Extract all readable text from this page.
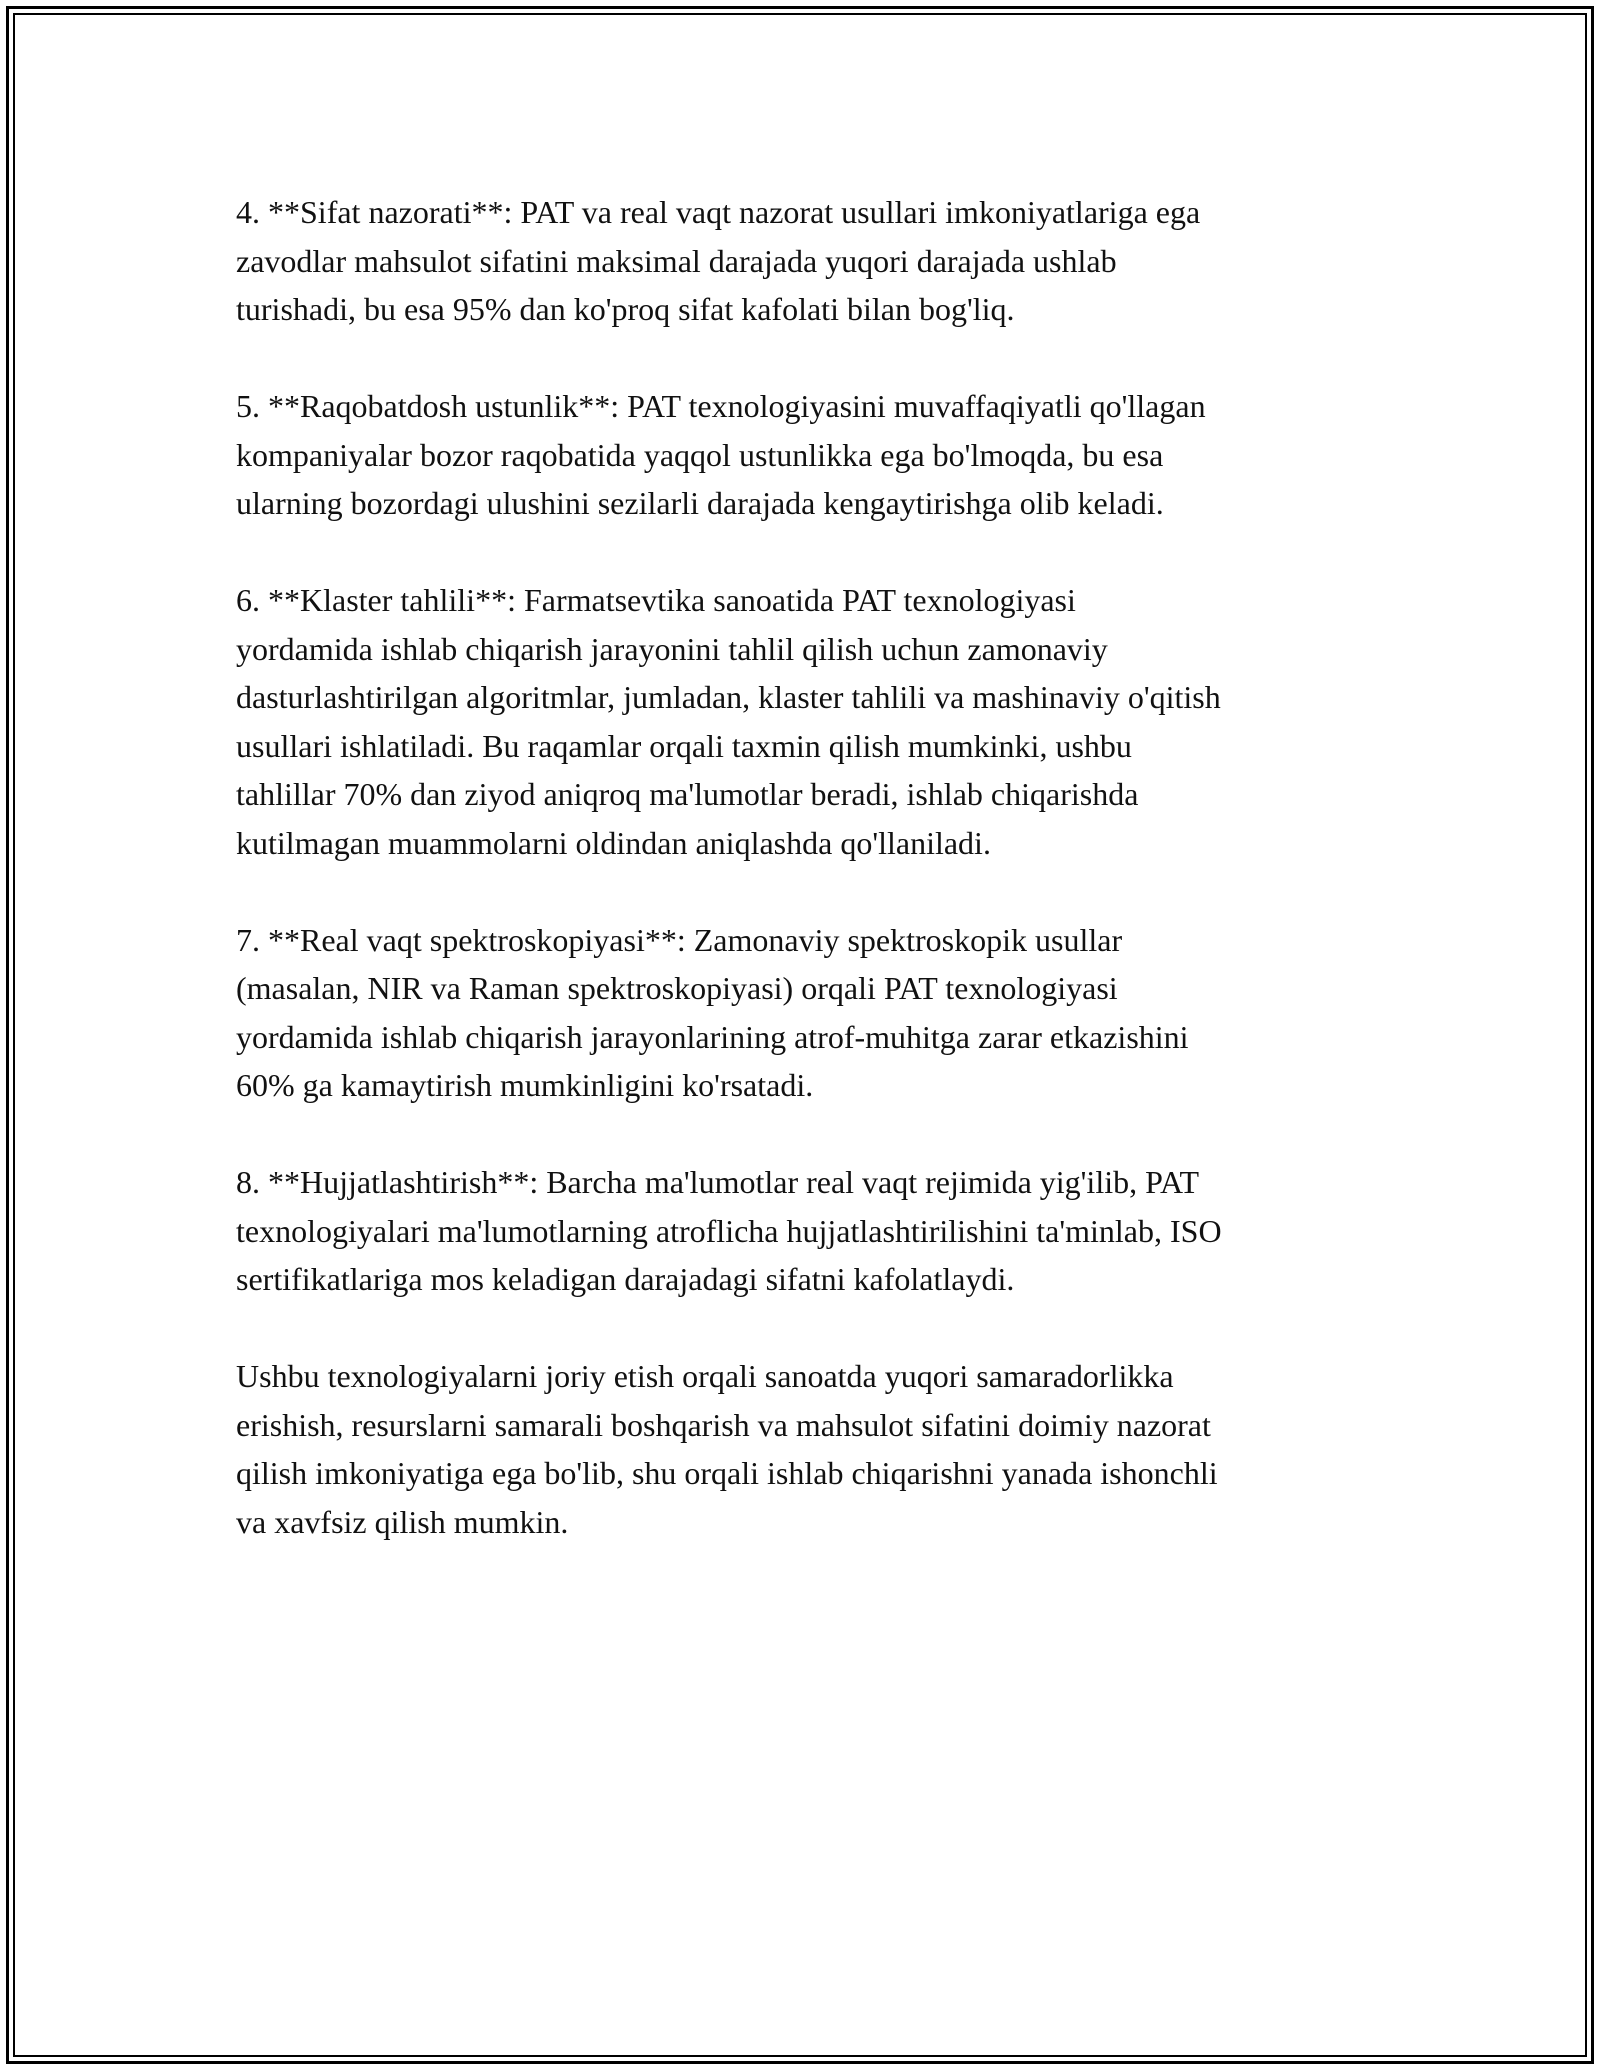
4. **Sifat nazorati**: PAT va real vaqt nazorat usullari imkoniyatlariga ega
zavodlar mahsulot sifatini maksimal darajada yuqori darajada ushlab
turishadi, bu esa 95% dan ko'proq sifat kafolati bilan bog'liq.

5. **Raqobatdosh ustunlik**: PAT texnologiyasini muvaffaqiyatli qo'llagan
kompaniyalar bozor raqobatida yaqqol ustunlikka ega bo'lmoqda, bu esa
ularning bozordagi ulushini sezilarli darajada kengaytirishga olib keladi.

6. **Klaster tahlili**: Farmatsevtika sanoatida PAT texnologiyasi
yordamida ishlab chiqarish jarayonini tahlil qilish uchun zamonaviy
dasturlashtirilgan algoritmlar, jumladan, klaster tahlili va mashinaviy o'qitish
usullari ishlatiladi. Bu raqamlar orqali taxmin qilish mumkinki, ushbu
tahlillar 70% dan ziyod aniqroq ma'lumotlar beradi, ishlab chiqarishda
kutilmagan muammolarni oldindan aniqlashda qo'llaniladi.

7. **Real vaqt spektroskopiyasi**: Zamonaviy spektroskopik usullar
(masalan, NIR va Raman spektroskopiyasi) orqali PAT texnologiyasi
yordamida ishlab chiqarish jarayonlarining atrof-muhitga zarar etkazishini
60% ga kamaytirish mumkinligini ko'rsatadi.

8. **Hujjatlashtirish**: Barcha ma'lumotlar real vaqt rejimida yig'ilib, PAT
texnologiyalari ma'lumotlarning atroflicha hujjatlashtirilishini ta'minlab, ISO
sertifikatlariga mos keladigan darajadagi sifatni kafolatlaydi.

Ushbu texnologiyalarni joriy etish orqali sanoatda yuqori samaradorlikka
erishish, resurslarni samarali boshqarish va mahsulot sifatini doimiy nazorat
qilish imkoniyatiga ega bo'lib, shu orqali ishlab chiqarishni yanada ishonchli
va xavfsiz qilish mumkin.
